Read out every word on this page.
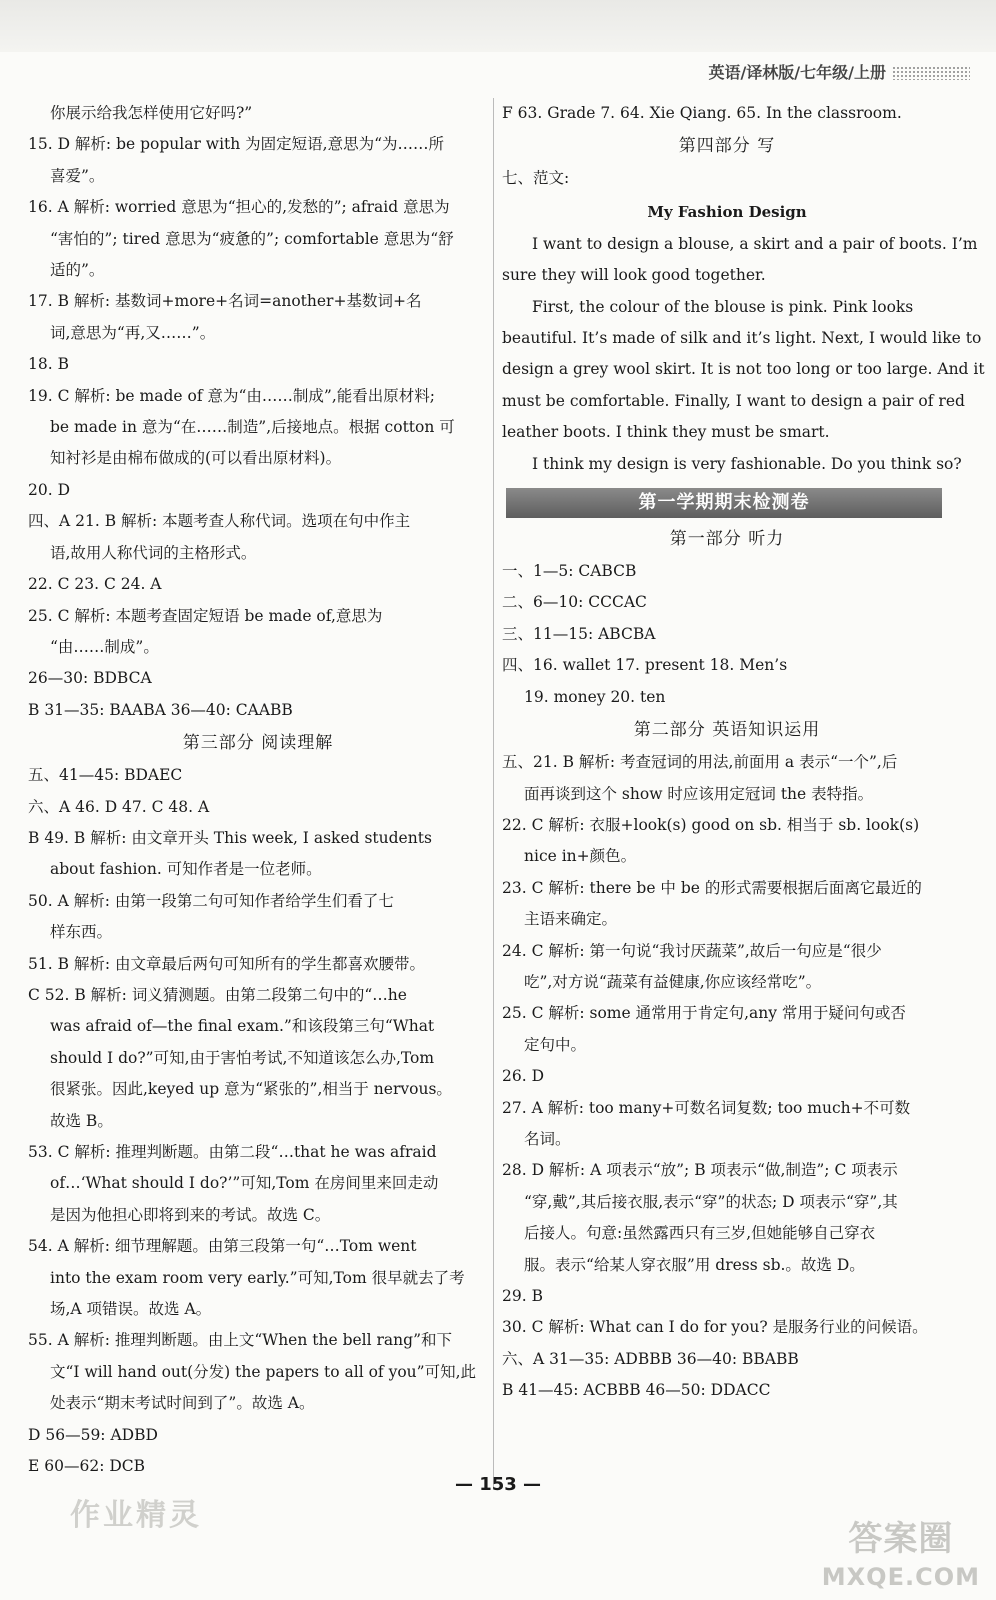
英语/译林版/七年级/上册
你展示给我怎样使用它好吗?”
15. D 解析: be popular with 为固定短语,意思为“为……所
喜爱”。
16. A 解析: worried 意思为“担心的,发愁的”; afraid 意思为
“害怕的”; tired 意思为“疲惫的”; comfortable 意思为“舒
适的”。
17. B 解析: 基数词+more+名词=another+基数词+名
词,意思为“再,又……”。
18. B
19. C 解析: be made of 意为“由……制成”,能看出原材料;
be made in 意为“在……制造”,后接地点。根据 cotton 可
知衬衫是由棉布做成的(可以看出原材料)。
20. D
四、A 21. B 解析: 本题考查人称代词。选项在句中作主
语,故用人称代词的主格形式。
22. C 23. C 24. A
25. C 解析: 本题考查固定短语 be made of,意思为
“由……制成”。
26—30: BDBCA
B 31—35: BAABA 36—40: CAABB
第三部分 阅读理解
五、41—45: BDAEC
六、A 46. D 47. C 48. A
B 49. B 解析: 由文章开头 This week, I asked students
about fashion. 可知作者是一位老师。
50. A 解析: 由第一段第二句可知作者给学生们看了七
样东西。
51. B 解析: 由文章最后两句可知所有的学生都喜欢腰带。
C 52. B 解析: 词义猜测题。由第二段第二句中的“…he
was afraid of—the final exam.”和该段第三句“What
should I do?”可知,由于害怕考试,不知道该怎么办,Tom
很紧张。因此,keyed up 意为“紧张的”,相当于 nervous。
故选 B。
53. C 解析: 推理判断题。由第二段“…that he was afraid
of…‘What should I do?’”可知,Tom 在房间里来回走动
是因为他担心即将到来的考试。故选 C。
54. A 解析: 细节理解题。由第三段第一句“…Tom went
into the exam room very early.”可知,Tom 很早就去了考
场,A 项错误。故选 A。
55. A 解析: 推理判断题。由上文“When the bell rang”和下
文“I will hand out(分发) the papers to all of you”可知,此
处表示“期末考试时间到了”。故选 A。
D 56—59: ADBD
E 60—62: DCB
F 63. Grade 7. 64. Xie Qiang. 65. In the classroom.
第四部分 写
七、范文:
My Fashion Design
I want to design a blouse, a skirt and a pair of boots. I’m
sure they will look good together.
First, the colour of the blouse is pink. Pink looks
beautiful. It’s made of silk and it’s light. Next, I would like to
design a grey wool skirt. It is not too long or too large. And it
must be comfortable. Finally, I want to design a pair of red
leather boots. I think they must be smart.
I think my design is very fashionable. Do you think so?
第一学期期末检测卷
第一部分 听力
一、1—5: CABCB
二、6—10: CCCAC
三、11—15: ABCBA
四、16. wallet 17. present 18. Men’s
19. money 20. ten
第二部分 英语知识运用
五、21. B 解析: 考查冠词的用法,前面用 a 表示“一个”,后
面再谈到这个 show 时应该用定冠词 the 表特指。
22. C 解析: 衣服+look(s) good on sb. 相当于 sb. look(s)
nice in+颜色。
23. C 解析: there be 中 be 的形式需要根据后面离它最近的
主语来确定。
24. C 解析: 第一句说“我讨厌蔬菜”,故后一句应是“很少
吃”,对方说“蔬菜有益健康,你应该经常吃”。
25. C 解析: some 通常用于肯定句,any 常用于疑问句或否
定句中。
26. D
27. A 解析: too many+可数名词复数; too much+不可数
名词。
28. D 解析: A 项表示“放”; B 项表示“做,制造”; C 项表示
“穿,戴”,其后接衣服,表示“穿”的状态; D 项表示“穿”,其
后接人。句意:虽然露西只有三岁,但她能够自己穿衣
服。表示“给某人穿衣服”用 dress sb.。故选 D。
29. B
30. C 解析: What can I do for you? 是服务行业的问候语。
六、A 31—35: ADBBB 36—40: BBABB
B 41—45: ACBBB 46—50: DDACC
— 153 —
作业精灵
答案圈
MXQE.COM
